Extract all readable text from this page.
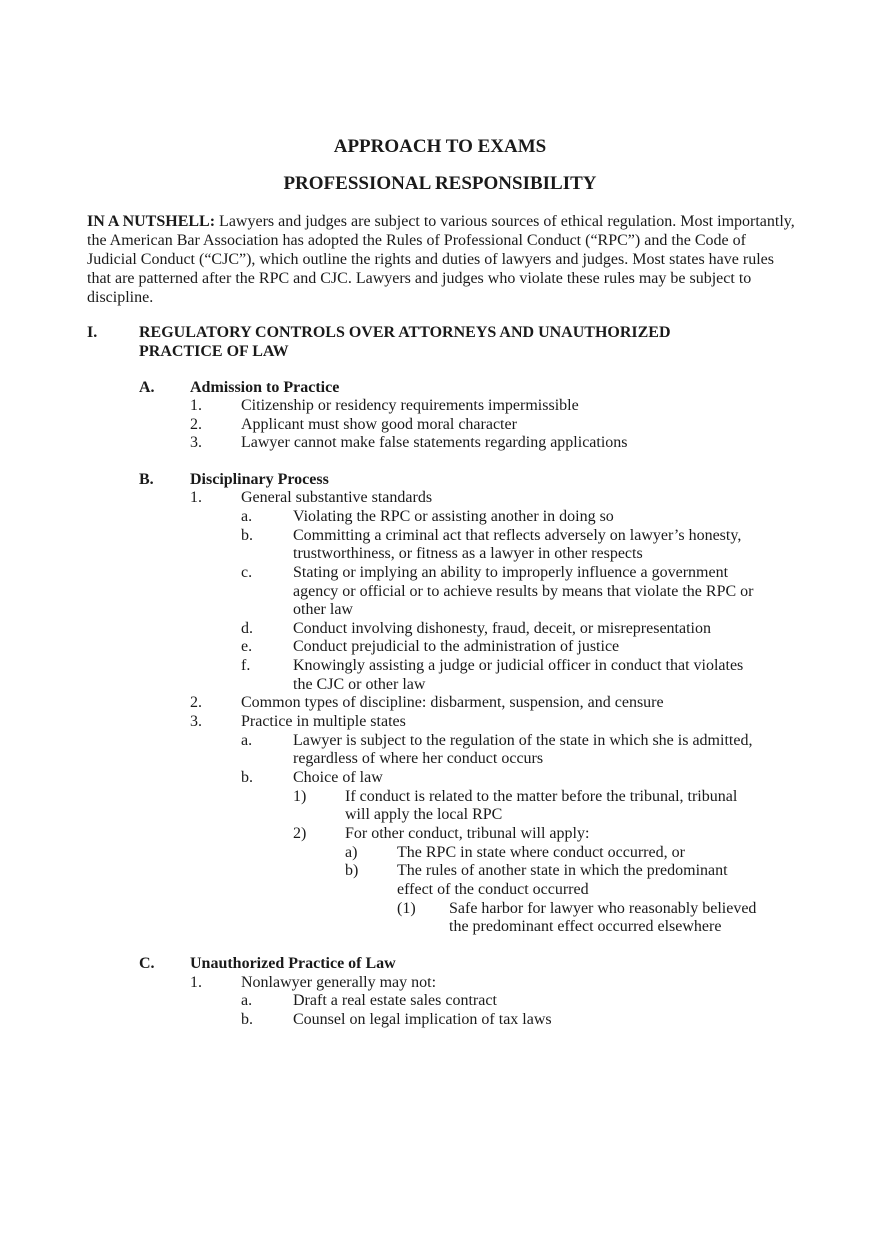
APPROACH TO EXAMS
PROFESSIONAL RESPONSIBILITY

IN A NUTSHELL: Lawyers and judges are subject to various sources of ethical regulation. Most importantly, the American Bar Association has adopted the Rules of Professional Conduct (“RPC”) and the Code of Judicial Conduct (“CJC”), which outline the rights and duties of lawyers and judges. Most states have rules that are patterned after the RPC and CJC. Lawyers and judges who violate these rules may be subject to discipline.

I.	REGULATORY CONTROLS OVER ATTORNEYS AND UNAUTHORIZED
PRACTICE OF LAW
A. Admission to Practice
1. Citizenship or residency requirements impermissible
2. Applicant must show good moral character
3. Lawyer cannot make false statements regarding applications
B. Disciplinary Process
1. General substantive standards
a.	Violating the RPC or assisting another in doing so
b.	Committing a criminal act that reflects adversely on lawyer’s honesty,
trustworthiness, or fitness as a lawyer in other respects
c.	Stating or implying an ability to improperly influence a government
agency or official or to achieve results by means that violate the RPC or
other law
d.	Conduct involving dishonesty, fraud, deceit, or misrepresentation
e.	Conduct prejudicial to the administration of justice
f.	Knowingly assisting a judge or judicial officer in conduct that violates
the CJC or other law
2. Common types of discipline: disbarment, suspension, and censure
3. Practice in multiple states
a.	Lawyer is subject to the regulation of the state in which she is admitted,
regardless of where her conduct occurs
b.	Choice of law
1) If conduct is related to the matter before the tribunal, tribunal
will apply the local RPC
2) For other conduct, tribunal will apply:
a) The RPC in state where conduct occurred, or
b) The rules of another state in which the predominant
effect of the conduct occurred
(1) Safe harbor for lawyer who reasonably believed
the predominant effect occurred elsewhere
C. Unauthorized Practice of Law
1. Nonlawyer generally may not:
a.	Draft a real estate sales contract
b.	Counsel on legal implication of tax laws
